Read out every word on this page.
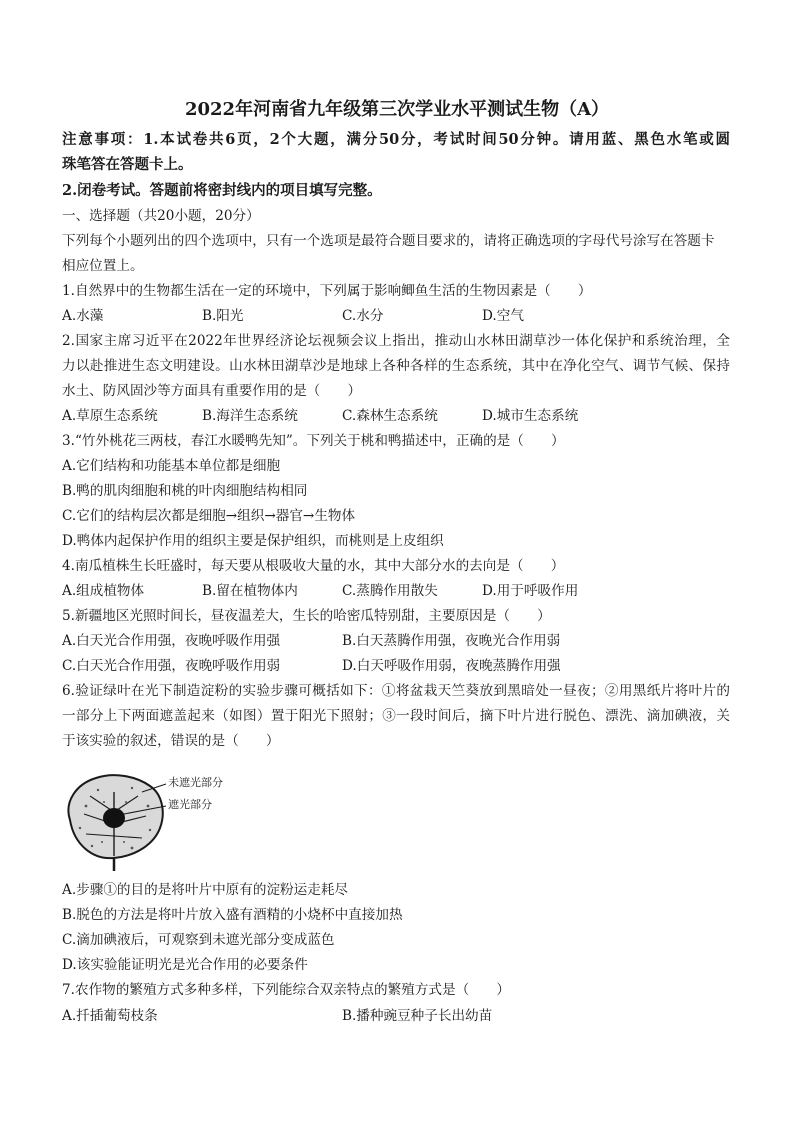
2022年河南省九年级第三次学业水平测试生物（A）
注意事项：1.本试卷共6页，2个大题，满分50分，考试时间50分钟。请用蓝、黑色水笔或圆
珠笔答在答题卡上。
2.闭卷考试。答题前将密封线内的项目填写完整。
一、选择题（共20小题，20分）
下列每个小题列出的四个选项中，只有一个选项是最符合题目要求的，请将正确选项的字母代号涂写在答题卡
相应位置上。
1.自然界中的生物都生活在一定的环境中，下列属于影响鲫鱼生活的生物因素是（　　）
A.水藻	B.阳光	C.水分	D.空气
2.国家主席习近平在2022年世界经济论坛视频会议上指出，推动山水林田湖草沙一体化保护和系统治理，全
力以赴推进生态文明建设。山水林田湖草沙是地球上各种各样的生态系统，其中在净化空气、调节气候、保持
水土、防风固沙等方面具有重要作用的是（　　）
A.草原生态系统	B.海洋生态系统	C.森林生态系统	D.城市生态系统
3.“竹外桃花三两枝，春江水暖鸭先知”。下列关于桃和鸭描述中，正确的是（　　）
A.它们结构和功能基本单位都是细胞
B.鸭的肌肉细胞和桃的叶肉细胞结构相同
C.它们的结构层次都是细胞→组织→器官→生物体
D.鸭体内起保护作用的组织主要是保护组织，而桃则是上皮组织
4.南瓜植株生长旺盛时，每天要从根吸收大量的水，其中大部分水的去向是（　　）
A.组成植物体	B.留在植物体内	C.蒸腾作用散失	D.用于呼吸作用
5.新疆地区光照时间长，昼夜温差大，生长的哈密瓜特别甜，主要原因是（　　）
A.白天光合作用强，夜晚呼吸作用强	B.白天蒸腾作用强，夜晚光合作用弱
C.白天光合作用强，夜晚呼吸作用弱	D.白天呼吸作用弱，夜晚蒸腾作用强
6.验证绿叶在光下制造淀粉的实验步骤可概括如下：①将盆栽天竺葵放到黑暗处一昼夜；②用黑纸片将叶片的
一部分上下两面遮盖起来（如图）置于阳光下照射；③一段时间后，摘下叶片进行脱色、漂洗、滴加碘液，关
于该实验的叙述，错误的是（　　）
未遮光部分
遮光部分
A.步骤①的目的是将叶片中原有的淀粉运走耗尽
B.脱色的方法是将叶片放入盛有酒精的小烧杯中直接加热
C.滴加碘液后，可观察到未遮光部分变成蓝色
D.该实验能证明光是光合作用的必要条件
7.农作物的繁殖方式多种多样，下列能综合双亲特点的繁殖方式是（　　）
A.扦插葡萄枝条	B.播种豌豆种子长出幼苗
